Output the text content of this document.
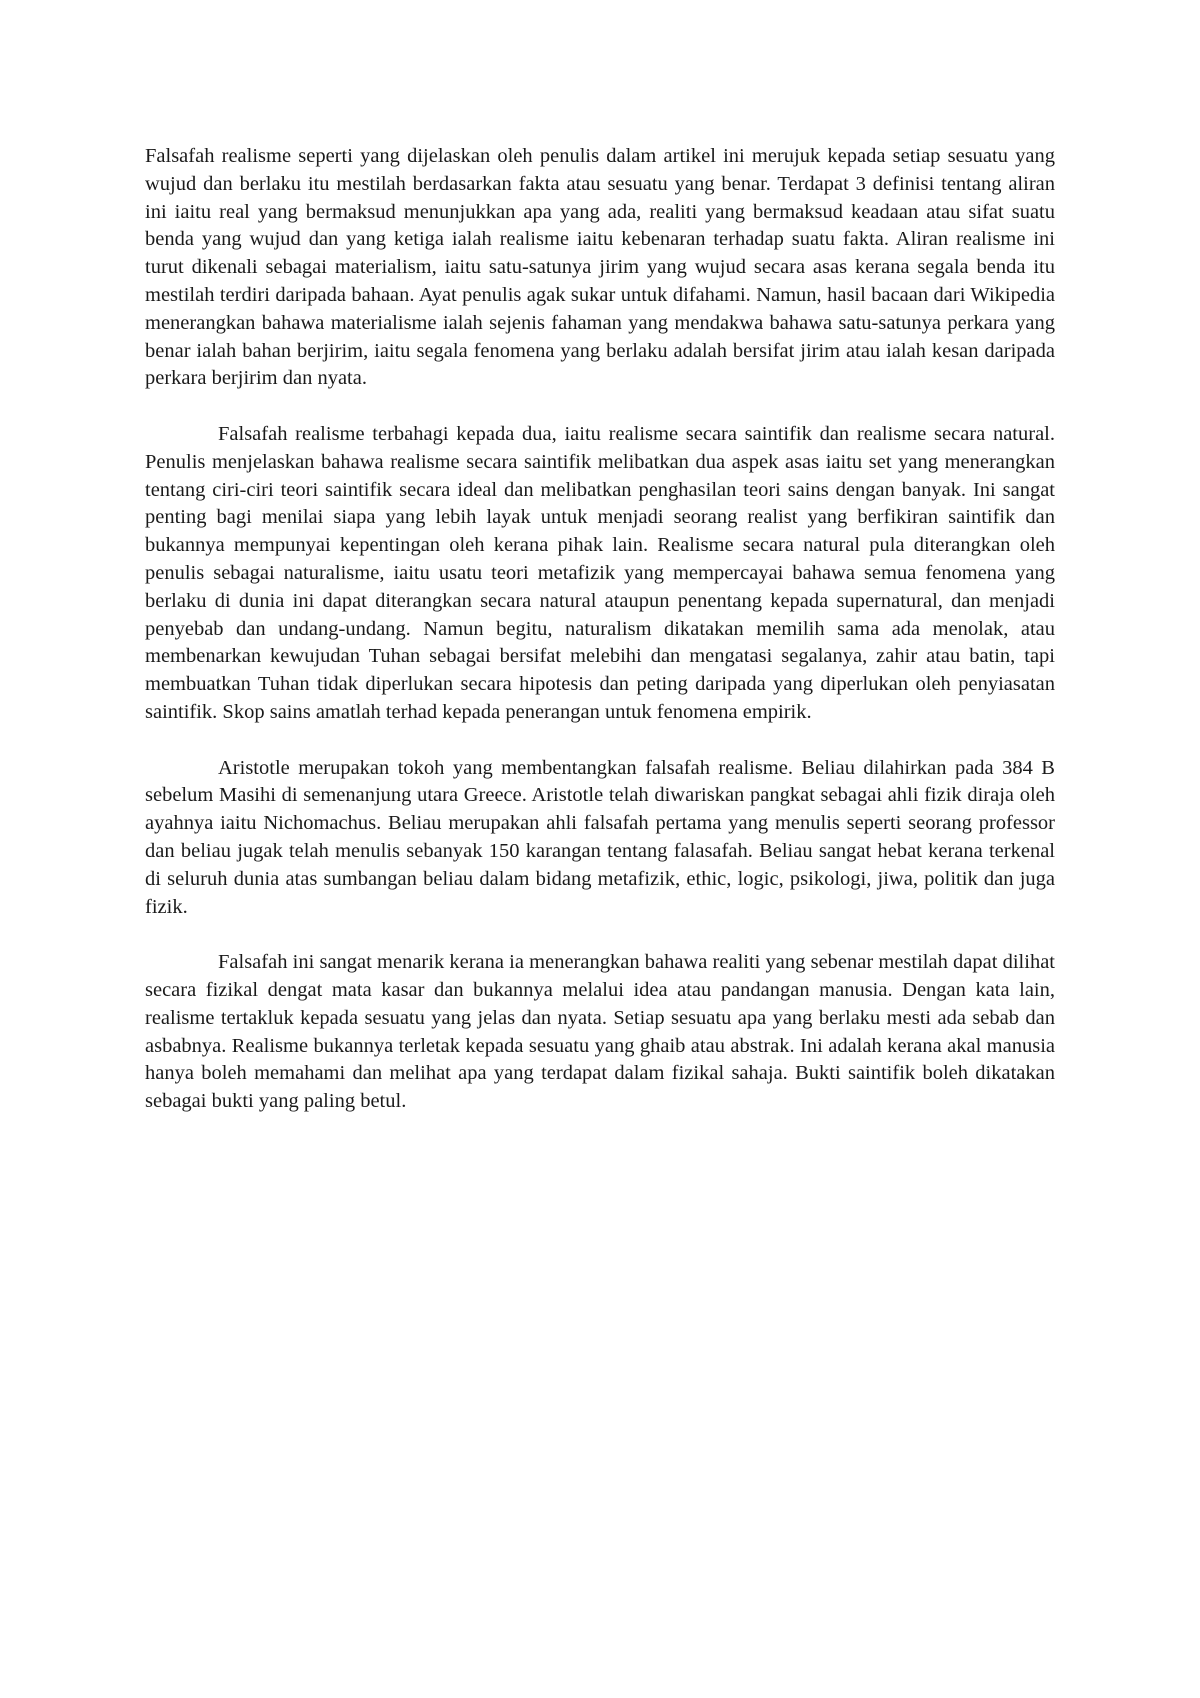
Falsafah realisme seperti yang dijelaskan oleh penulis dalam artikel ini merujuk kepada setiap sesuatu yang wujud dan berlaku itu mestilah berdasarkan fakta atau sesuatu yang benar. Terdapat 3 definisi tentang aliran ini iaitu real yang bermaksud menunjukkan apa yang ada, realiti yang bermaksud keadaan atau sifat suatu benda yang wujud dan yang ketiga ialah realisme iaitu kebenaran terhadap suatu fakta. Aliran realisme ini turut dikenali sebagai materialism, iaitu satu-satunya jirim yang wujud secara asas kerana segala benda itu mestilah terdiri daripada bahaan. Ayat penulis agak sukar untuk difahami. Namun, hasil bacaan dari Wikipedia menerangkan bahawa materialisme ialah sejenis fahaman yang mendakwa bahawa satu-satunya perkara yang benar ialah bahan berjirim, iaitu segala fenomena yang berlaku adalah bersifat jirim atau ialah kesan daripada perkara berjirim dan nyata.

Falsafah realisme terbahagi kepada dua, iaitu realisme secara saintifik dan realisme secara natural. Penulis menjelaskan bahawa realisme secara saintifik melibatkan dua aspek asas iaitu set yang menerangkan tentang ciri-ciri teori saintifik secara ideal dan melibatkan penghasilan teori sains dengan banyak. Ini sangat penting bagi menilai siapa yang lebih layak untuk menjadi seorang realist yang berfikiran saintifik dan bukannya mempunyai kepentingan oleh kerana pihak lain. Realisme secara natural pula diterangkan oleh penulis sebagai naturalisme, iaitu usatu teori metafizik yang mempercayai bahawa semua fenomena yang berlaku di dunia ini dapat diterangkan secara natural ataupun penentang kepada supernatural, dan menjadi penyebab dan undang-undang. Namun begitu, naturalism dikatakan memilih sama ada menolak, atau membenarkan kewujudan Tuhan sebagai bersifat melebihi dan mengatasi segalanya, zahir atau batin, tapi membuatkan Tuhan tidak diperlukan secara hipotesis dan peting daripada yang diperlukan oleh penyiasatan saintifik. Skop sains amatlah terhad kepada penerangan untuk fenomena empirik.

Aristotle merupakan tokoh yang membentangkan falsafah realisme. Beliau dilahirkan pada 384 B sebelum Masihi di semenanjung utara Greece. Aristotle telah diwariskan pangkat sebagai ahli fizik diraja oleh ayahnya iaitu Nichomachus. Beliau merupakan ahli falsafah pertama yang menulis seperti seorang professor dan beliau jugak telah menulis sebanyak 150 karangan tentang falasafah. Beliau sangat hebat kerana terkenal di seluruh dunia atas sumbangan beliau dalam bidang metafizik, ethic, logic, psikologi, jiwa, politik dan juga fizik.

Falsafah ini sangat menarik kerana ia menerangkan bahawa realiti yang sebenar mestilah dapat dilihat secara fizikal dengat mata kasar dan bukannya melalui idea atau pandangan manusia. Dengan kata lain, realisme tertakluk kepada sesuatu yang jelas dan nyata. Setiap sesuatu apa yang berlaku mesti ada sebab dan asbabnya. Realisme bukannya terletak kepada sesuatu yang ghaib atau abstrak. Ini adalah kerana akal manusia hanya boleh memahami dan melihat apa yang terdapat dalam fizikal sahaja. Bukti saintifik boleh dikatakan sebagai bukti yang paling betul.
